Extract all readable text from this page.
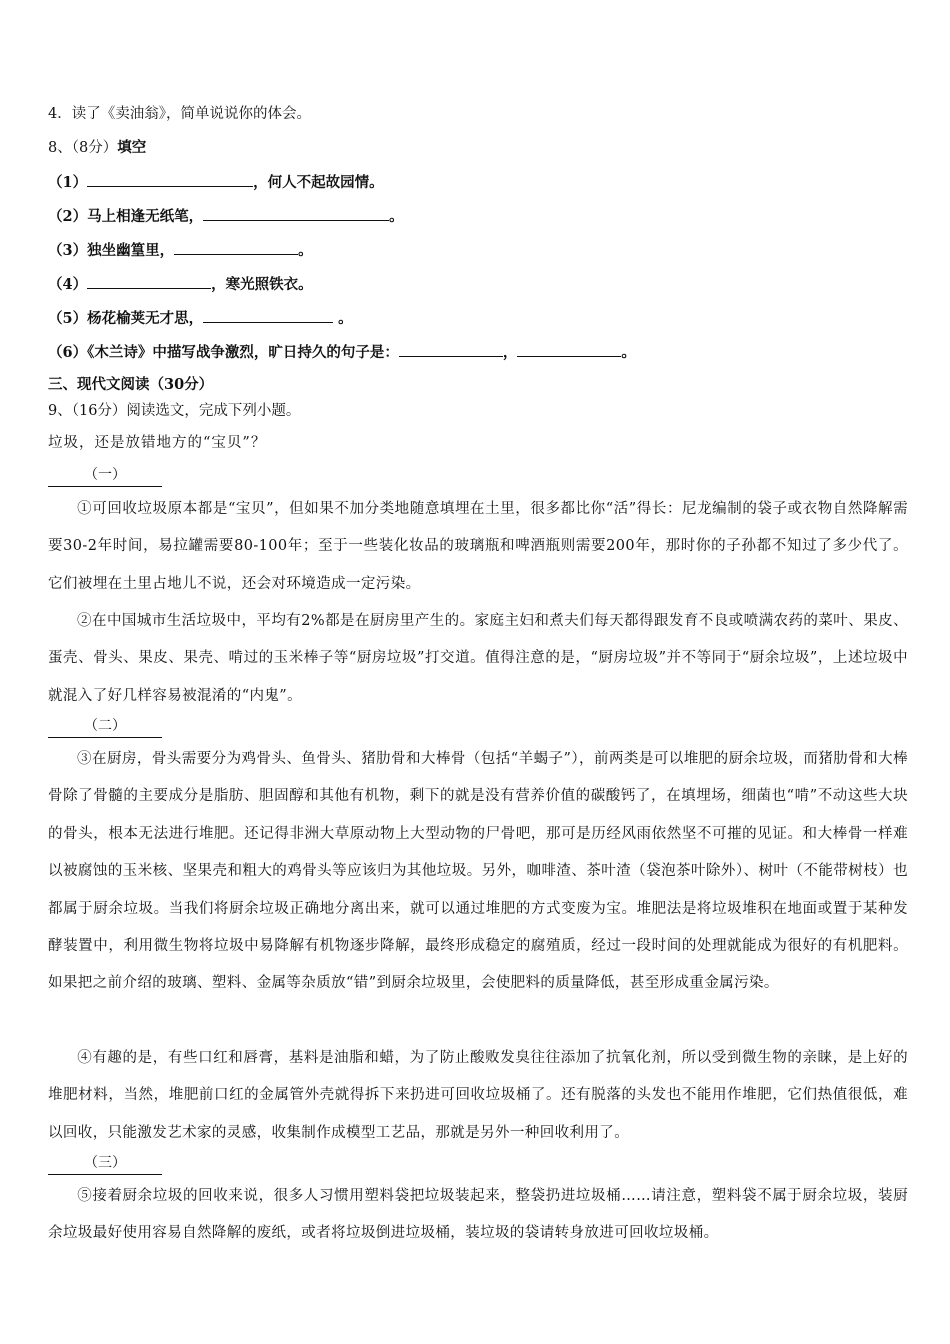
4．读了《卖油翁》，简单说说你的体会。
8、（8分）填空
（1）	，何人不起故园情。
（2）马上相逢无纸笔，	。
（3）独坐幽篁里，	。
（4）	，寒光照铁衣。
（5）杨花榆荚无才思，	。
（6）《木兰诗》中描写战争激烈，旷日持久的句子是：	，	。
三、现代文阅读（30分）
9、（16分）阅读选文，完成下列小题。
垃圾，还是放错地方的“宝贝”？
（一）
①可回收垃圾原本都是“宝贝”，但如果不加分类地随意填埋在土里，很多都比你“活”得长：尼龙编制的袋子或衣物自然降解需要30-2年时间，易拉罐需要80-100年；至于一些装化妆品的玻璃瓶和啤酒瓶则需要200年，那时你的子孙都不知过了多少代了。它们被埋在土里占地儿不说，还会对环境造成一定污染。
②在中国城市生活垃圾中，平均有2%都是在厨房里产生的。家庭主妇和煮夫们每天都得跟发育不良或喷满农药的菜叶、果皮、蛋壳、骨头、果皮、果壳、啃过的玉米棒子等“厨房垃圾”打交道。值得注意的是，“厨房垃圾”并不等同于“厨余垃圾”，上述垃圾中就混入了好几样容易被混淆的“内鬼”。
（二）
③在厨房，骨头需要分为鸡骨头、鱼骨头、猪肋骨和大棒骨（包括“羊蝎子”），前两类是可以堆肥的厨余垃圾，而猪肋骨和大棒骨除了骨髓的主要成分是脂肪、胆固醇和其他有机物，剩下的就是没有营养价值的碳酸钙了，在填埋场，细菌也“啃”不动这些大块的骨头，根本无法进行堆肥。还记得非洲大草原动物上大型动物的尸骨吧，那可是历经风雨依然坚不可摧的见证。和大棒骨一样难以被腐蚀的玉米核、坚果壳和粗大的鸡骨头等应该归为其他垃圾。另外，咖啡渣、茶叶渣（袋泡茶叶除外）、树叶（不能带树枝）也都属于厨余垃圾。当我们将厨余垃圾正确地分离出来，就可以通过堆肥的方式变废为宝。堆肥法是将垃圾堆积在地面或置于某种发酵装置中，利用微生物将垃圾中易降解有机物逐步降解，最终形成稳定的腐殖质，经过一段时间的处理就能成为很好的有机肥料。如果把之前介绍的玻璃、塑料、金属等杂质放“错”到厨余垃圾里，会使肥料的质量降低，甚至形成重金属污染。
④有趣的是，有些口红和唇膏，基料是油脂和蜡，为了防止酸败发臭往往添加了抗氧化剂，所以受到微生物的亲睐，是上好的堆肥材料，当然，堆肥前口红的金属管外壳就得拆下来扔进可回收垃圾桶了。还有脱落的头发也不能用作堆肥，它们热值很低，难以回收，只能激发艺术家的灵感，收集制作成模型工艺品，那就是另外一种回收利用了。
（三）
⑤接着厨余垃圾的回收来说，很多人习惯用塑料袋把垃圾装起来，整袋扔进垃圾桶……请注意，塑料袋不属于厨余垃圾，装厨余垃圾最好使用容易自然降解的废纸，或者将垃圾倒进垃圾桶，装垃圾的袋请转身放进可回收垃圾桶。
